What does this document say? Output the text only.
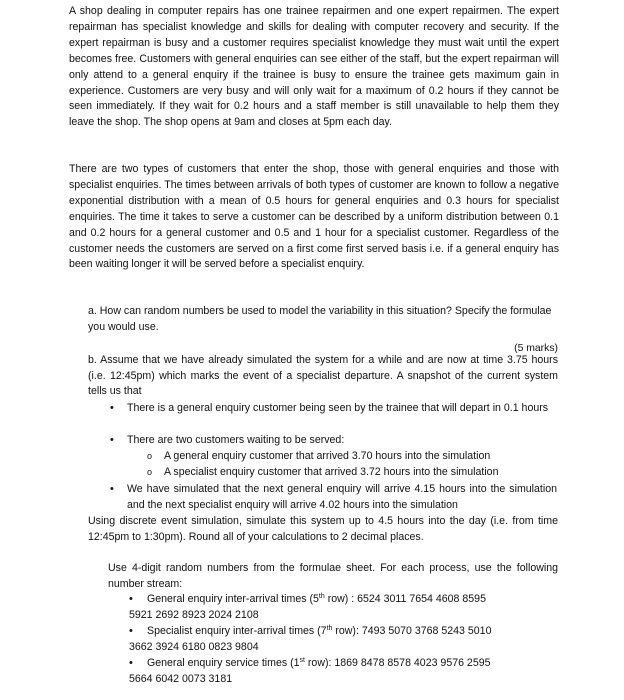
A shop dealing in computer repairs has one trainee repairmen and one expert repairmen. The expert repairman has specialist knowledge and skills for dealing with computer recovery and security. If the expert repairman is busy and a customer requires specialist knowledge they must wait until the expert becomes free. Customers with general enquiries can see either of the staff, but the expert repairman will only attend to a general enquiry if the trainee is busy to ensure the trainee gets maximum gain in experience. Customers are very busy and will only wait for a maximum of 0.2 hours if they cannot be seen immediately. If they wait for 0.2 hours and a staff member is still unavailable to help them they leave the shop. The shop opens at 9am and closes at 5pm each day.

There are two types of customers that enter the shop, those with general enquiries and those with specialist enquiries. The times between arrivals of both types of customer are known to follow a negative exponential distribution with a mean of 0.5 hours for general enquiries and 0.3 hours for specialist enquiries. The time it takes to serve a customer can be described by a uniform distribution between 0.1 and 0.2 hours for a general customer and 0.5 and 1 hour for a specialist customer. Regardless of the customer needs the customers are served on a first come first served basis i.e. if a general enquiry has been waiting longer it will be served before a specialist enquiry.

a. How can random numbers be used to model the variability in this situation? Specify the formulae you would use.

(5 marks)

b. Assume that we have already simulated the system for a while and are now at time 3.75 hours (i.e. 12:45pm) which marks the event of a specialist departure. A snapshot of the current system tells us that

• There is a general enquiry customer being seen by the trainee that will depart in 0.1 hours

• There are two customers waiting to be served:

o A general enquiry customer that arrived 3.70 hours into the simulation

o A specialist enquiry customer that arrived 3.72 hours into the simulation

• We have simulated that the next general enquiry will arrive 4.15 hours into the simulation and the next specialist enquiry will arrive 4.02 hours into the simulation

Using discrete event simulation, simulate this system up to 4.5 hours into the day (i.e. from time 12:45pm to 1:30pm). Round all of your calculations to 2 decimal places.

Use 4-digit random numbers from the formulae sheet. For each process, use the following number stream:

• General enquiry inter-arrival times (5th row) : 6524 3011 7654 4608 8595

5921 2692 8923 2024 2108

• Specialist enquiry inter-arrival times (7th row): 7493 5070 3768 5243 5010

3662 3924 6180 0823 9804

• General enquiry service times (1st row): 1869 8478 8578 4023 9576 2595

5664 6042 0073 3181
